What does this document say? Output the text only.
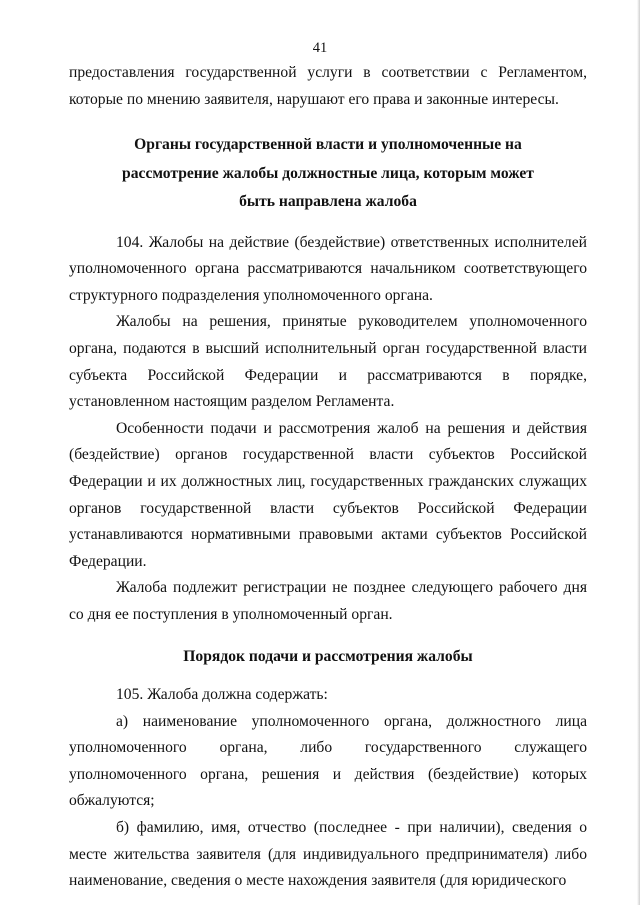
41

предоставления государственной услуги в соответствии с Регламентом, которые по мнению заявителя, нарушают его права и законные интересы.

Органы государственной власти и уполномоченные на рассмотрение жалобы должностные лица, которым может быть направлена жалоба

104. Жалобы на действие (бездействие) ответственных исполнителей уполномоченного органа рассматриваются начальником соответствующего структурного подразделения уполномоченного органа.

Жалобы на решения, принятые руководителем уполномоченного органа, подаются в высший исполнительный орган государственной власти субъекта Российской Федерации и рассматриваются в порядке, установленном настоящим разделом Регламента.

Особенности подачи и рассмотрения жалоб на решения и действия (бездействие) органов государственной власти субъектов Российской Федерации и их должностных лиц, государственных гражданских служащих органов государственной власти субъектов Российской Федерации устанавливаются нормативными правовыми актами субъектов Российской Федерации.

Жалоба подлежит регистрации не позднее следующего рабочего дня со дня ее поступления в уполномоченный орган.

Порядок подачи и рассмотрения жалобы

105. Жалоба должна содержать:

а) наименование уполномоченного органа, должностного лица уполномоченного органа, либо государственного служащего уполномоченного органа, решения и действия (бездействие) которых обжалуются;

б) фамилию, имя, отчество (последнее - при наличии), сведения о месте жительства заявителя (для индивидуального предпринимателя) либо наименование, сведения о месте нахождения заявителя (для юридического
